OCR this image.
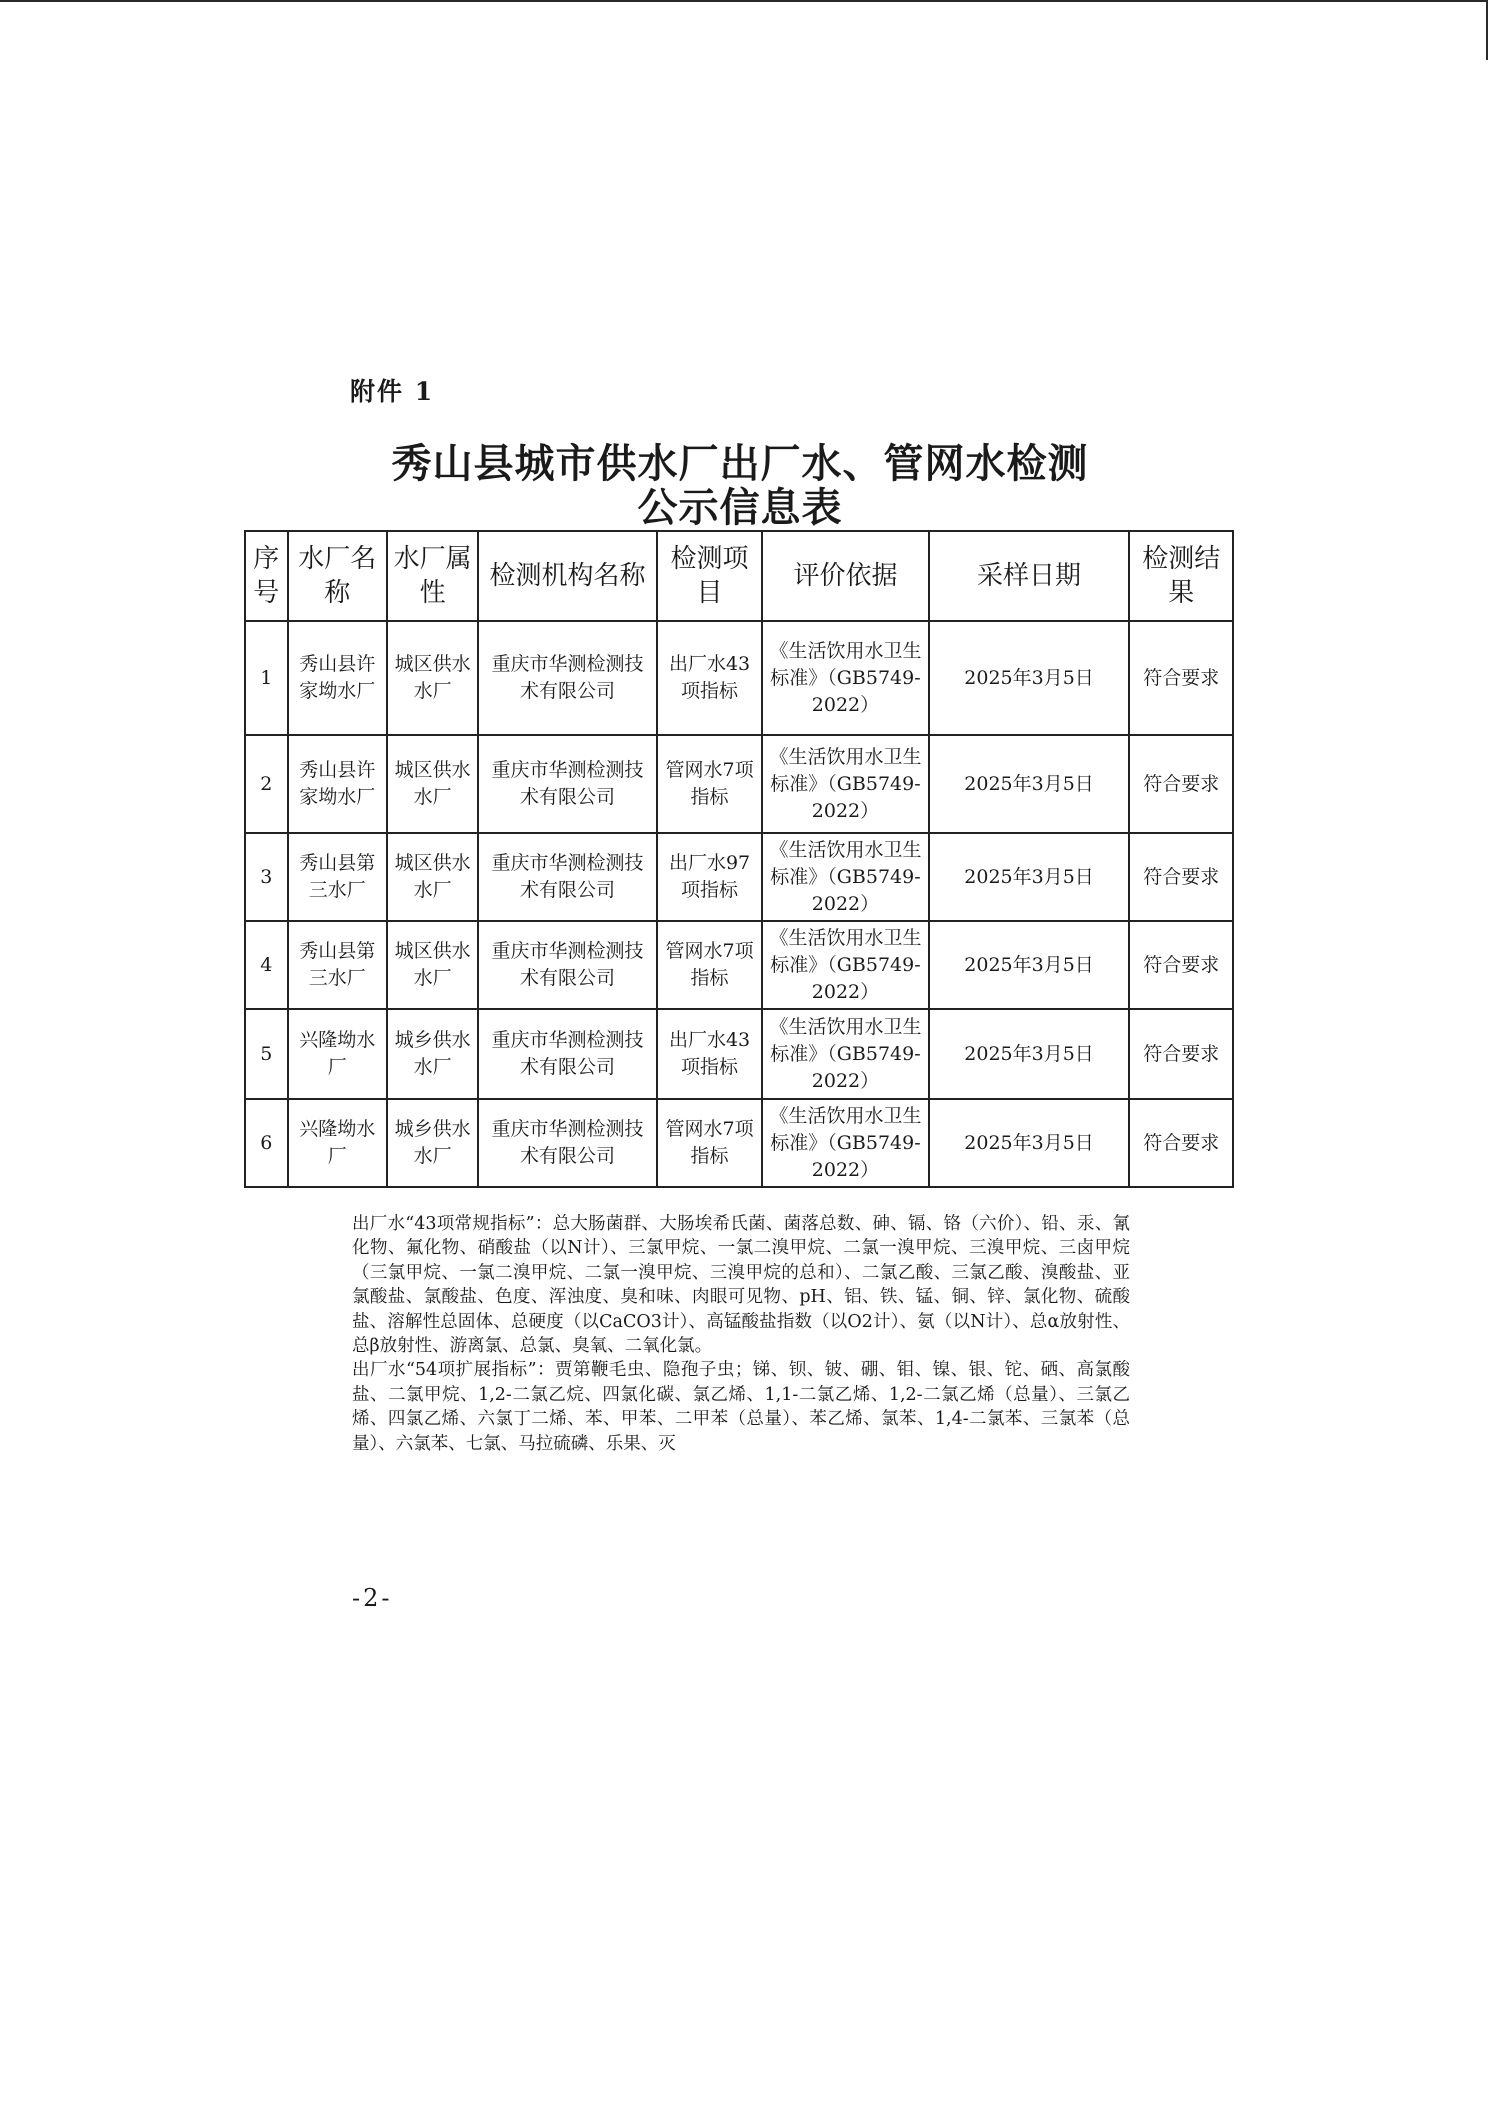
附件 1
秀山县城市供水厂出厂水、管网水检测
公示信息表
序号	水厂名称	水厂属性	检测机构名称	检测项目	评价依据	采样日期	检测结果
1	秀山县许家坳水厂	城区供水水厂	重庆市华测检测技术有限公司	出厂水43项指标	《生活饮用水卫生标准》（GB5749-2022）	2025年3月5日	符合要求
2	秀山县许家坳水厂	城区供水水厂	重庆市华测检测技术有限公司	管网水7项指标	《生活饮用水卫生标准》（GB5749-2022）	2025年3月5日	符合要求
3	秀山县第三水厂	城区供水水厂	重庆市华测检测技术有限公司	出厂水97项指标	《生活饮用水卫生标准》（GB5749-2022）	2025年3月5日	符合要求
4	秀山县第三水厂	城区供水水厂	重庆市华测检测技术有限公司	管网水7项指标	《生活饮用水卫生标准》（GB5749-2022）	2025年3月5日	符合要求
5	兴隆坳水厂	城乡供水水厂	重庆市华测检测技术有限公司	出厂水43项指标	《生活饮用水卫生标准》（GB5749-2022）	2025年3月5日	符合要求
6	兴隆坳水厂	城乡供水水厂	重庆市华测检测技术有限公司	管网水7项指标	《生活饮用水卫生标准》（GB5749-2022）	2025年3月5日	符合要求

出厂水“43项常规指标”：总大肠菌群、大肠埃希氏菌、菌落总数、砷、镉、铬（六价）、铅、汞、氰化物、氟化物、硝酸盐（以N计）、三氯甲烷、一氯二溴甲烷、二氯一溴甲烷、三溴甲烷、三卤甲烷（三氯甲烷、一氯二溴甲烷、二氯一溴甲烷、三溴甲烷的总和）、二氯乙酸、三氯乙酸、溴酸盐、亚氯酸盐、氯酸盐、色度、浑浊度、臭和味、肉眼可见物、pH、铝、铁、锰、铜、锌、氯化物、硫酸盐、溶解性总固体、总硬度（以CaCO3计）、高锰酸盐指数（以O2计）、氨（以N计）、总α放射性、总β放射性、游离氯、总氯、臭氧、二氧化氯。

出厂水“54项扩展指标”：贾第鞭毛虫、隐孢子虫；锑、钡、铍、硼、钼、镍、银、铊、硒、高氯酸盐、二氯甲烷、1,2-二氯乙烷、四氯化碳、氯乙烯、1,1-二氯乙烯、1,2-二氯乙烯（总量）、三氯乙烯、四氯乙烯、六氯丁二烯、苯、甲苯、二甲苯（总量）、苯乙烯、氯苯、1,4-二氯苯、三氯苯（总量）、六氯苯、七氯、马拉硫磷、乐果、灭

-2-
